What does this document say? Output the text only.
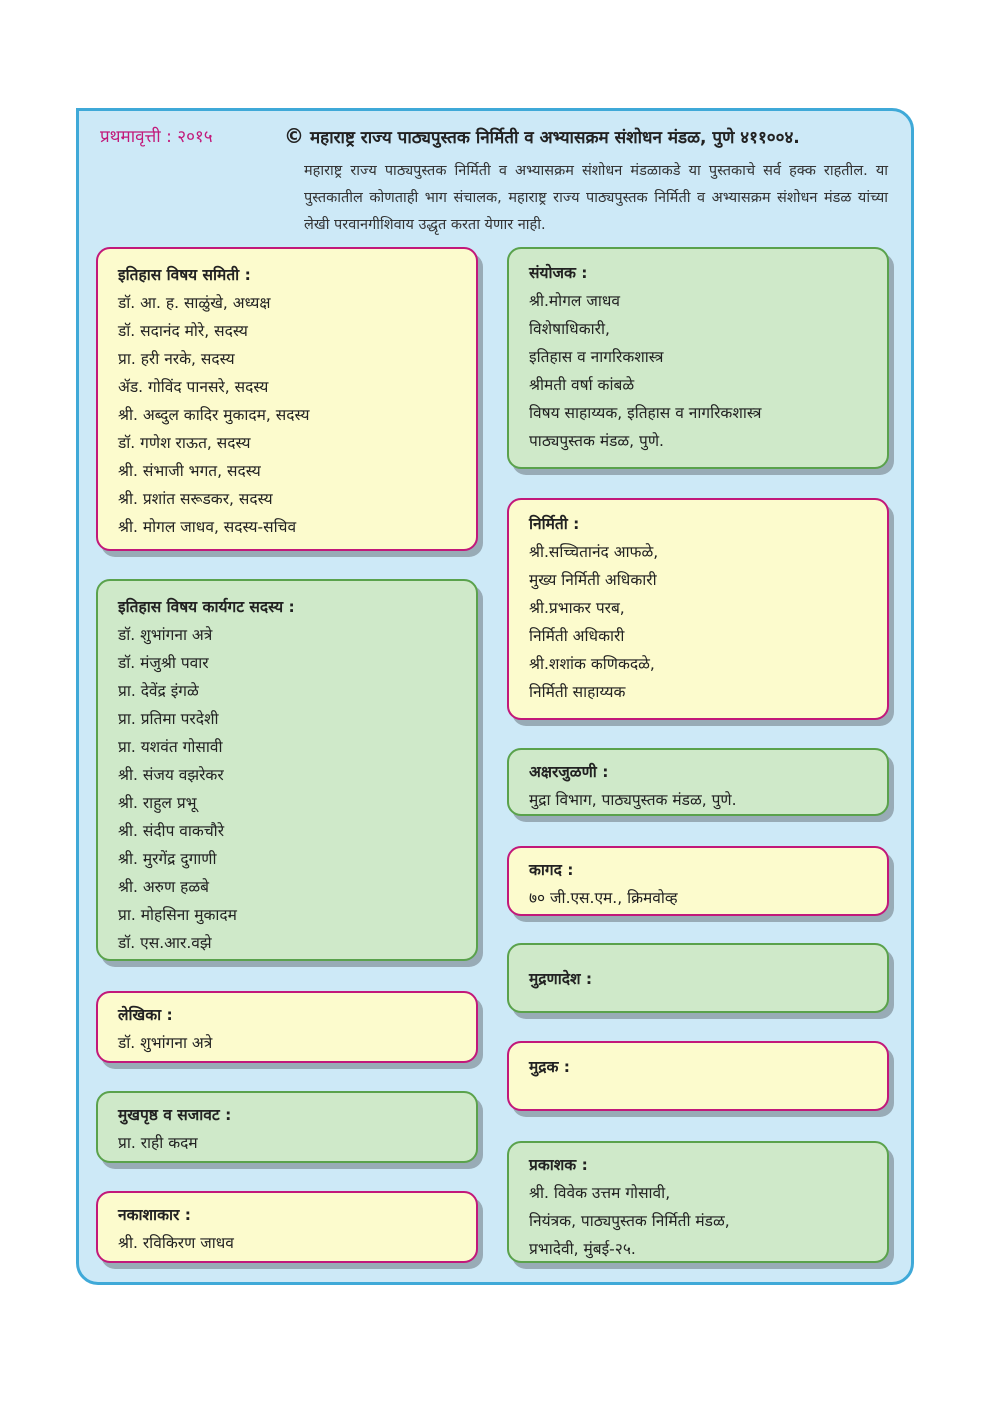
प्रथमावृत्ती : २०१५	© महाराष्ट्र राज्य पाठ्यपुस्तक निर्मिती व अभ्यासक्रम संशोधन मंडळ, पुणे ४११००४.
महाराष्ट्र राज्य पाठ्यपुस्तक निर्मिती व अभ्यासक्रम संशोधन मंडळाकडे या पुस्तकाचे सर्व हक्क राहतील. या पुस्तकातील कोणताही भाग संचालक, महाराष्ट्र राज्य पाठ्यपुस्तक निर्मिती व अभ्यासक्रम संशोधन मंडळ यांच्या लेखी परवानगीशिवाय उद्धृत करता येणार नाही.
इतिहास विषय समिती :
डॉ. आ. ह. साळुंखे, अध्यक्ष
डॉ. सदानंद मोरे, सदस्य
प्रा. हरी नरके, सदस्य
ॲड. गोविंद पानसरे, सदस्य
श्री. अब्दुल कादिर मुकादम, सदस्य
डॉ. गणेश राऊत, सदस्य
श्री. संभाजी भगत, सदस्य
श्री. प्रशांत सरूडकर, सदस्य
श्री. मोगल जाधव, सदस्य-सचिव
इतिहास विषय कार्यगट सदस्य :
डॉ. शुभांगना अत्रे
डॉ. मंजुश्री पवार
प्रा. देवेंद्र इंगळे
प्रा. प्रतिमा परदेशी
प्रा. यशवंत गोसावी
श्री. संजय वझरेकर
श्री. राहुल प्रभू
श्री. संदीप वाकचौरे
श्री. मुरगेंद्र दुगाणी
श्री. अरुण हळबे
प्रा. मोहसिना मुकादम
डॉ. एस.आर.वझे
लेखिका :
डॉ. शुभांगना अत्रे
मुखपृष्ठ व सजावट :
प्रा. राही कदम
नकाशाकार :
श्री. रविकिरण जाधव
संयोजक :
श्री.मोगल जाधव
विशेषाधिकारी,
इतिहास व नागरिकशास्त्र
श्रीमती वर्षा कांबळे
विषय साहाय्यक, इतिहास व नागरिकशास्त्र
पाठ्यपुस्तक मंडळ, पुणे.
निर्मिती :
श्री.सच्चितानंद आफळे,
मुख्य निर्मिती अधिकारी
श्री.प्रभाकर परब,
निर्मिती अधिकारी
श्री.शशांक कणिकदळे,
निर्मिती साहाय्यक
अक्षरजुळणी :
मुद्रा विभाग, पाठ्यपुस्तक मंडळ, पुणे.
कागद :
७० जी.एस.एम., क्रिमवोव्ह
मुद्रणादेश :
मुद्रक :
प्रकाशक :
श्री. विवेक उत्तम गोसावी,
नियंत्रक, पाठ्यपुस्तक निर्मिती मंडळ,
प्रभादेवी, मुंबई-२५.
